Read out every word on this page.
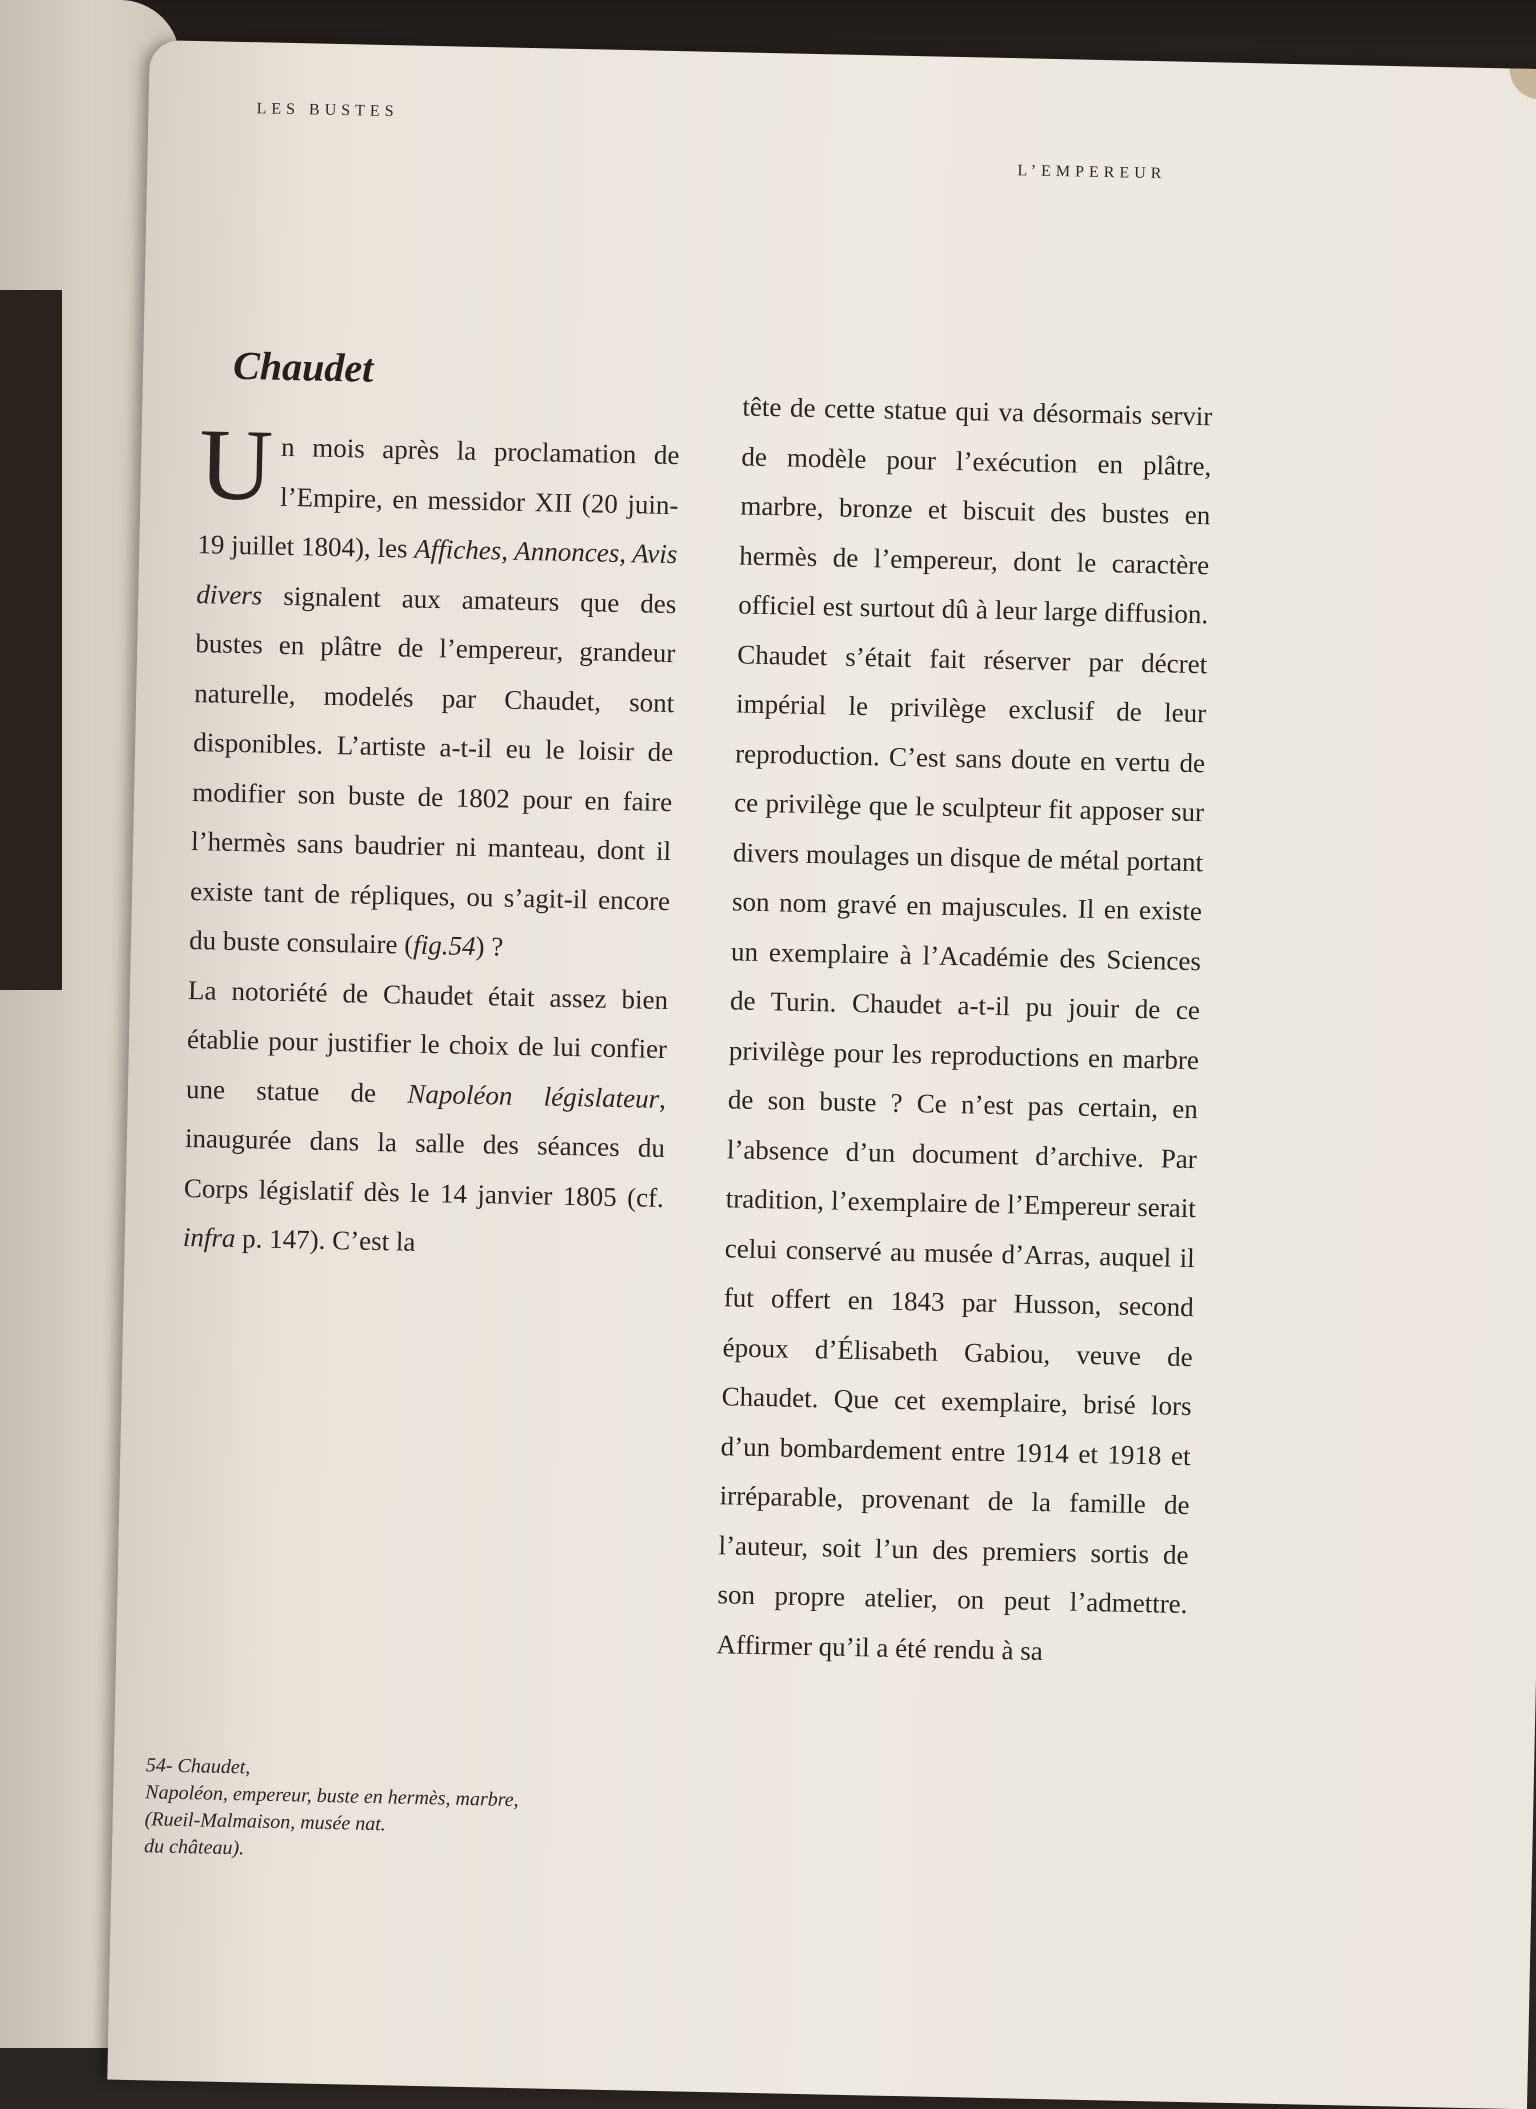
LES BUSTES
L’EMPEREUR
Chaudet

Un mois après la proclamation de l’Empire, en messidor XII (20 juin-19 juillet 1804), les Affiches, Annonces, Avis divers signalent aux amateurs que des bustes en plâtre de l’empereur, grandeur naturelle, modelés par Chaudet, sont disponibles. L’artiste a-t-il eu le loisir de modifier son buste de 1802 pour en faire l’hermès sans baudrier ni manteau, dont il existe tant de répliques, ou s’agit-il encore du buste consulaire (fig.54) ?

La notoriété de Chaudet était assez bien établie pour justifier le choix de lui confier une statue de Napoléon législateur, inaugurée dans la salle des séances du Corps législatif dès le 14 janvier 1805 (cf. infra p. 147). C’est la

tête de cette statue qui va désormais servir de modèle pour l’exécution en plâtre, marbre, bronze et biscuit des bustes en hermès de l’empereur, dont le caractère officiel est surtout dû à leur large diffusion. Chaudet s’était fait réserver par décret impérial le privilège exclusif de leur reproduction. C’est sans doute en vertu de ce privilège que le sculpteur fit apposer sur divers moulages un disque de métal portant son nom gravé en majuscules. Il en existe un exemplaire à l’Académie des Sciences de Turin. Chaudet a-t-il pu jouir de ce privilège pour les reproductions en marbre de son buste ? Ce n’est pas certain, en l’absence d’un document d’archive. Par tradition, l’exemplaire de l’Empereur serait celui conservé au musée d’Arras, auquel il fut offert en 1843 par Husson, second époux d’Élisabeth Gabiou, veuve de Chaudet. Que cet exemplaire, brisé lors d’un bombardement entre 1914 et 1918 et irréparable, provenant de la famille de l’auteur, soit l’un des premiers sortis de son propre atelier, on peut l’admettre. Affirmer qu’il a été rendu à sa
54- Chaudet,
Napoléon, empereur, buste en hermès, marbre,
(Rueil-Malmaison, musée nat.
du château).
